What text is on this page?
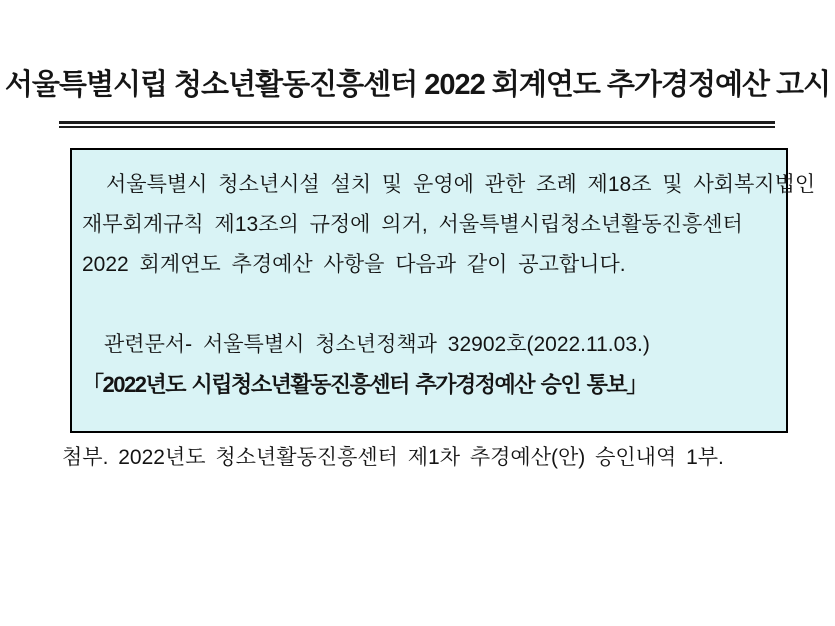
서울특별시립 청소년활동진흥센터 2022 회계연도 추가경정예산 고시
서울특별시 청소년시설 설치 및 운영에 관한 조례 제18조 및 사회복지법인
재무회계규칙 제13조의 규정에 의거, 서울특별시립청소년활동진흥센터
2022 회계연도 추경예산 사항을 다음과 같이 공고합니다.
관련문서- 서울특별시 청소년정책과 32902호(2022.11.03.)
「2022년도 시립청소년활동진흥센터 추가경정예산 승인 통보」
첨부. 2022년도 청소년활동진흥센터 제1차 추경예산(안) 승인내역 1부.
